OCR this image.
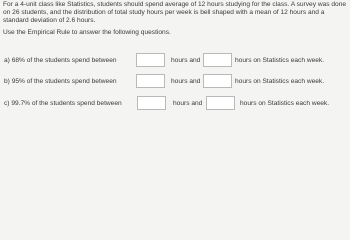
For a 4-unit class like Statistics, students should spend average of 12 hours studying for the class. A survey was done on 26 students, and the distribution of total study hours per week is bell shaped with a mean of 12 hours and a standard deviation of 2.6 hours.

Use the Empirical Rule to answer the following questions.

a) 68% of the students spend between	hours and	hours on Statistics each week.
b) 95% of the students spend between	hours and	hours on Statistics each week.
c) 99.7% of the students spend between	hours and	hours on Statistics each week.
